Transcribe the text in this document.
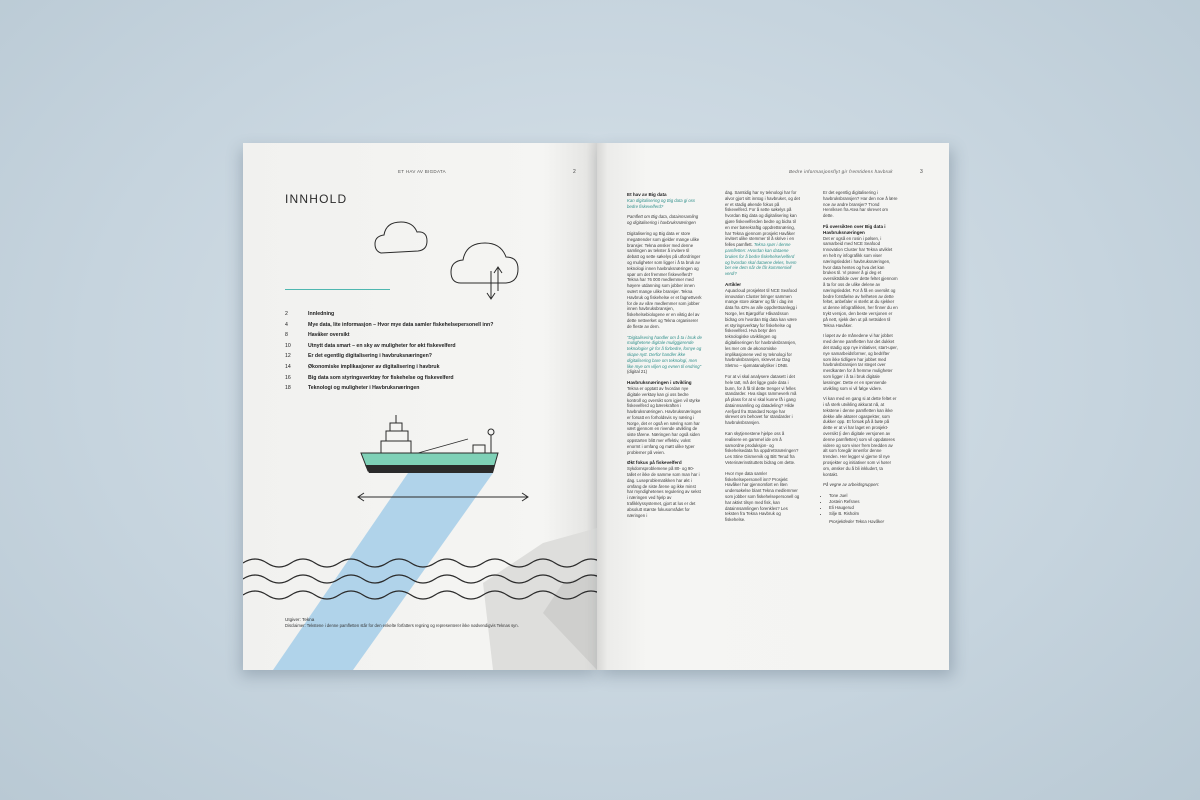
ET HAV AV BIGDATA	2
INNHOLD
2	Innledning
4	Mye data, lite informasjon – Hvor mye data samler fiskehelsepersonell inn?
8	Havåker oversikt
10	Utnytt data smart – en sky av muligheter for økt fiskevelferd
12	Er det egentlig digitalisering i havbruksnæringen?
14	Økonomiske implikasjoner av digitalisering i havbruk
16	Big data som styringsverktøy for fiskehelse og fiskevelferd
18	Teknologi og muligheter i Havbruksnæringen
Utgiver: Tekna
Disclaimer: Tekstene i denne pamfletten står for den enkelte forfatters regning og representerer ikke nødvendigvis Teknas syn.
Bedre informasjonsflyt gir fremtidens havbruk	3
Et hav av Big data

Kan digitalisering og Big data gi oss bedre fiskevelferd?

Pamflett om Big data, datainnsamling og digitalisering i havbruksnæringen

Digitalisering og Big data er store megatrender som gjelder mange ulike bransjer. Tekna ønsker med denne samlingen av tekster å invitere til debatt og sette søkelys på utfordringer og muligheter som ligger i å ta bruk av teknologi innen havbruksnæringen og spør om det fremmer fiskevelferd? Tekna har 76 000 medlemmer med høyere utdanning som jobber innen svært mange ulike bransjer. Tekna Havbruk og fiskehelse er et fagnettverk for de av våre medlemmer som jobber innen havbruksbransjen, fiskehelsebiologene er en viktig del av dette nettverket og Tekna organiserer de fleste av dem.

"Digitalisering handler om å ta i bruk de mulighetene digitale muliggjørende teknologier gir for å forbedre, fornye og skape nytt. Derfor handler ikke digitalisering bare om teknologi, men like mye om viljen og evnen til endring" (digital 21)

Havbruksnæringen i utvikling

Tekna er opptatt av hvordan nye digitale verktøy kan gi oss bedre kontroll og oversikt som igjen vil styrke fiskevelferd og bærekraften i havbruksnæringen. Havbruksnæringen er forsatt en forholdsvis ny næring i Norge, det er også en næring som har vært gjennom en rivende utvikling de siste tårene. Næringen har også siden oppstarten blitt mer effektiv, vokst enormt i omfang og møtt ulike typer problemer på veien.

Økt fokus på fiskevelferd

Sykdomsproblemene på 80- og 90- tallet er ikke de samme som man har i dag. Luseproblematikken har økt i omfang de siste årene og ikke minst har myndighetenes regulering av sekst i næringen ved hjelp av trafikklyssystemet, gjort at lus er det absolutt største fokusområdet for næringen i

dag. Samtidig har ny teknologi har for alvor gjort sitt inntog i havbruket, og det er et stadig økende fokus på fiskevelferd. For å sette søkelys på hvordan Big data og digitalisering kan gjøre fiskevelferden bedre og bidra til en mer bærekraftig oppdrettsnæring, har Tekna gjennom prosjekt Havåker invitert ulike stemmer til å skrive i en felles pamflett. Tekna spør i denne pamfletten: Hvordan kan dataene brukes for å bedre fiskehelse/velferd og hvordan skal dataene deles, hvem ber eie dem når de får kommersiell verdi?

Artikler

Aquacloud prosjektet til NCE Seafood innovation Cluster bringer sammen mange store aktører og får i dag inn data fra 42% av alle oppdrettsanlegg i Norge, les Bjørgolfur Håvardsson bidrag om hvordan Big data kan være et styringsverktøy for fiskehelse og fiskevelferd. Hva betyr den teknologiske utviklingen og digitaliseringen for havbruksbransjen, les mer om de økonomiske implikasjonene ved ny teknologi for havbruksbransjen, skrevet av Dag Sletmo – sjømatanalytiker i DNB.

For at vi skal analysere datasett i det hele tatt, må det ligge gode data i bunn, for å få til dette trenger vi felles standarder. Hva slags rammeverk må på plass for at vi skal kunne få i gang datainnsamling og datadeling? Hilde Arefjord fra Standard Norge har skrevet om behovet for standarder i havbruksbransjen.

Kan skytjenestene hjelpe oss å realisere en gammel ide om å samordne produksjon- og fiskehelsedata fra oppdrettsnæringen? Les Stine Gismervik og Bitt Terud fra Veterinærinstituttets bidrag om dette.

Hvor mye data samler fiskehelsepersonell inn? Prosjekt Havåker har gjennomført en liten undersøkelse blant Tekna medlemmer som jobber som fiskehelsepersonell og har aktivt tilsyn med fisk, kan datainnsamlingen forenkles? Les teksten fra Tekna Havbruk og fiskehelse.

Er det egentlig digitalisering i havbruksbransjen? Har den noe å lære noe av andre bransjer? Trond Henriksen fra Atea har skrevet om dette.

Få oversikten over Big data i Havbruksnæringen

Det er også en rosin i pølsen, i samarbeid med NCE Seafood Innovation Cluster har Tekna utviklet en helt ny infografikk som viser næringsleddet i havbruksnæringen, hvor data hentes og hva det kan brukes til. Vi prøver å gi deg et oversiktsbilde over dette feltet gjennom å ta for oss de ulike delene av næringsleddet. For å få en oversikt og bedre forståelse av helheten av dette feltet, anbefaler vi sterkt at du sjekker ut denne infografikken, her finner du en trykt versjon, den beste versjonen er på nett, sjekk den ut på nettsiden til Tekna Havåker.

I løpet av de månedene vi har jobbet med denne pamfletten har det dukket det stadig opp nye initiativer, start-uper, nye samarbeidsformer, og bedrifter som ikke tidligere har jobbet med havbruksbransjen tar steget over merdkanten for å fremme muligheter som ligger i å ta i bruk digitale løsninger. Dette er en spennende utvikling som vi vil følge videre.

Vi kan med en gang si at dette feltet er i så sterk utvikling akkurat nå, at tekstene i denne pamfletten kan ikke dekke alle aktører ogaspekter, som dukker opp. Et forsøk på å bøte på dette er at vi har laget en prosjekt-oversikt (i den digitale versjonen av denne pamfletten) som vil oppdateres videre og som viser frem bredden av alt som foregår innenfor denne trenden. Her legger vi gjerne til nye prosjekter og initiativer som vi hører om, ønsker du å bli inkludert, ta kontakt.

På vegne av arbeidsgruppen:

• Tone Juel
• Jostein Refsnes
• Eli Haugerud
• Silje B. Risholm

Prosjektleder Tekna Havåker
